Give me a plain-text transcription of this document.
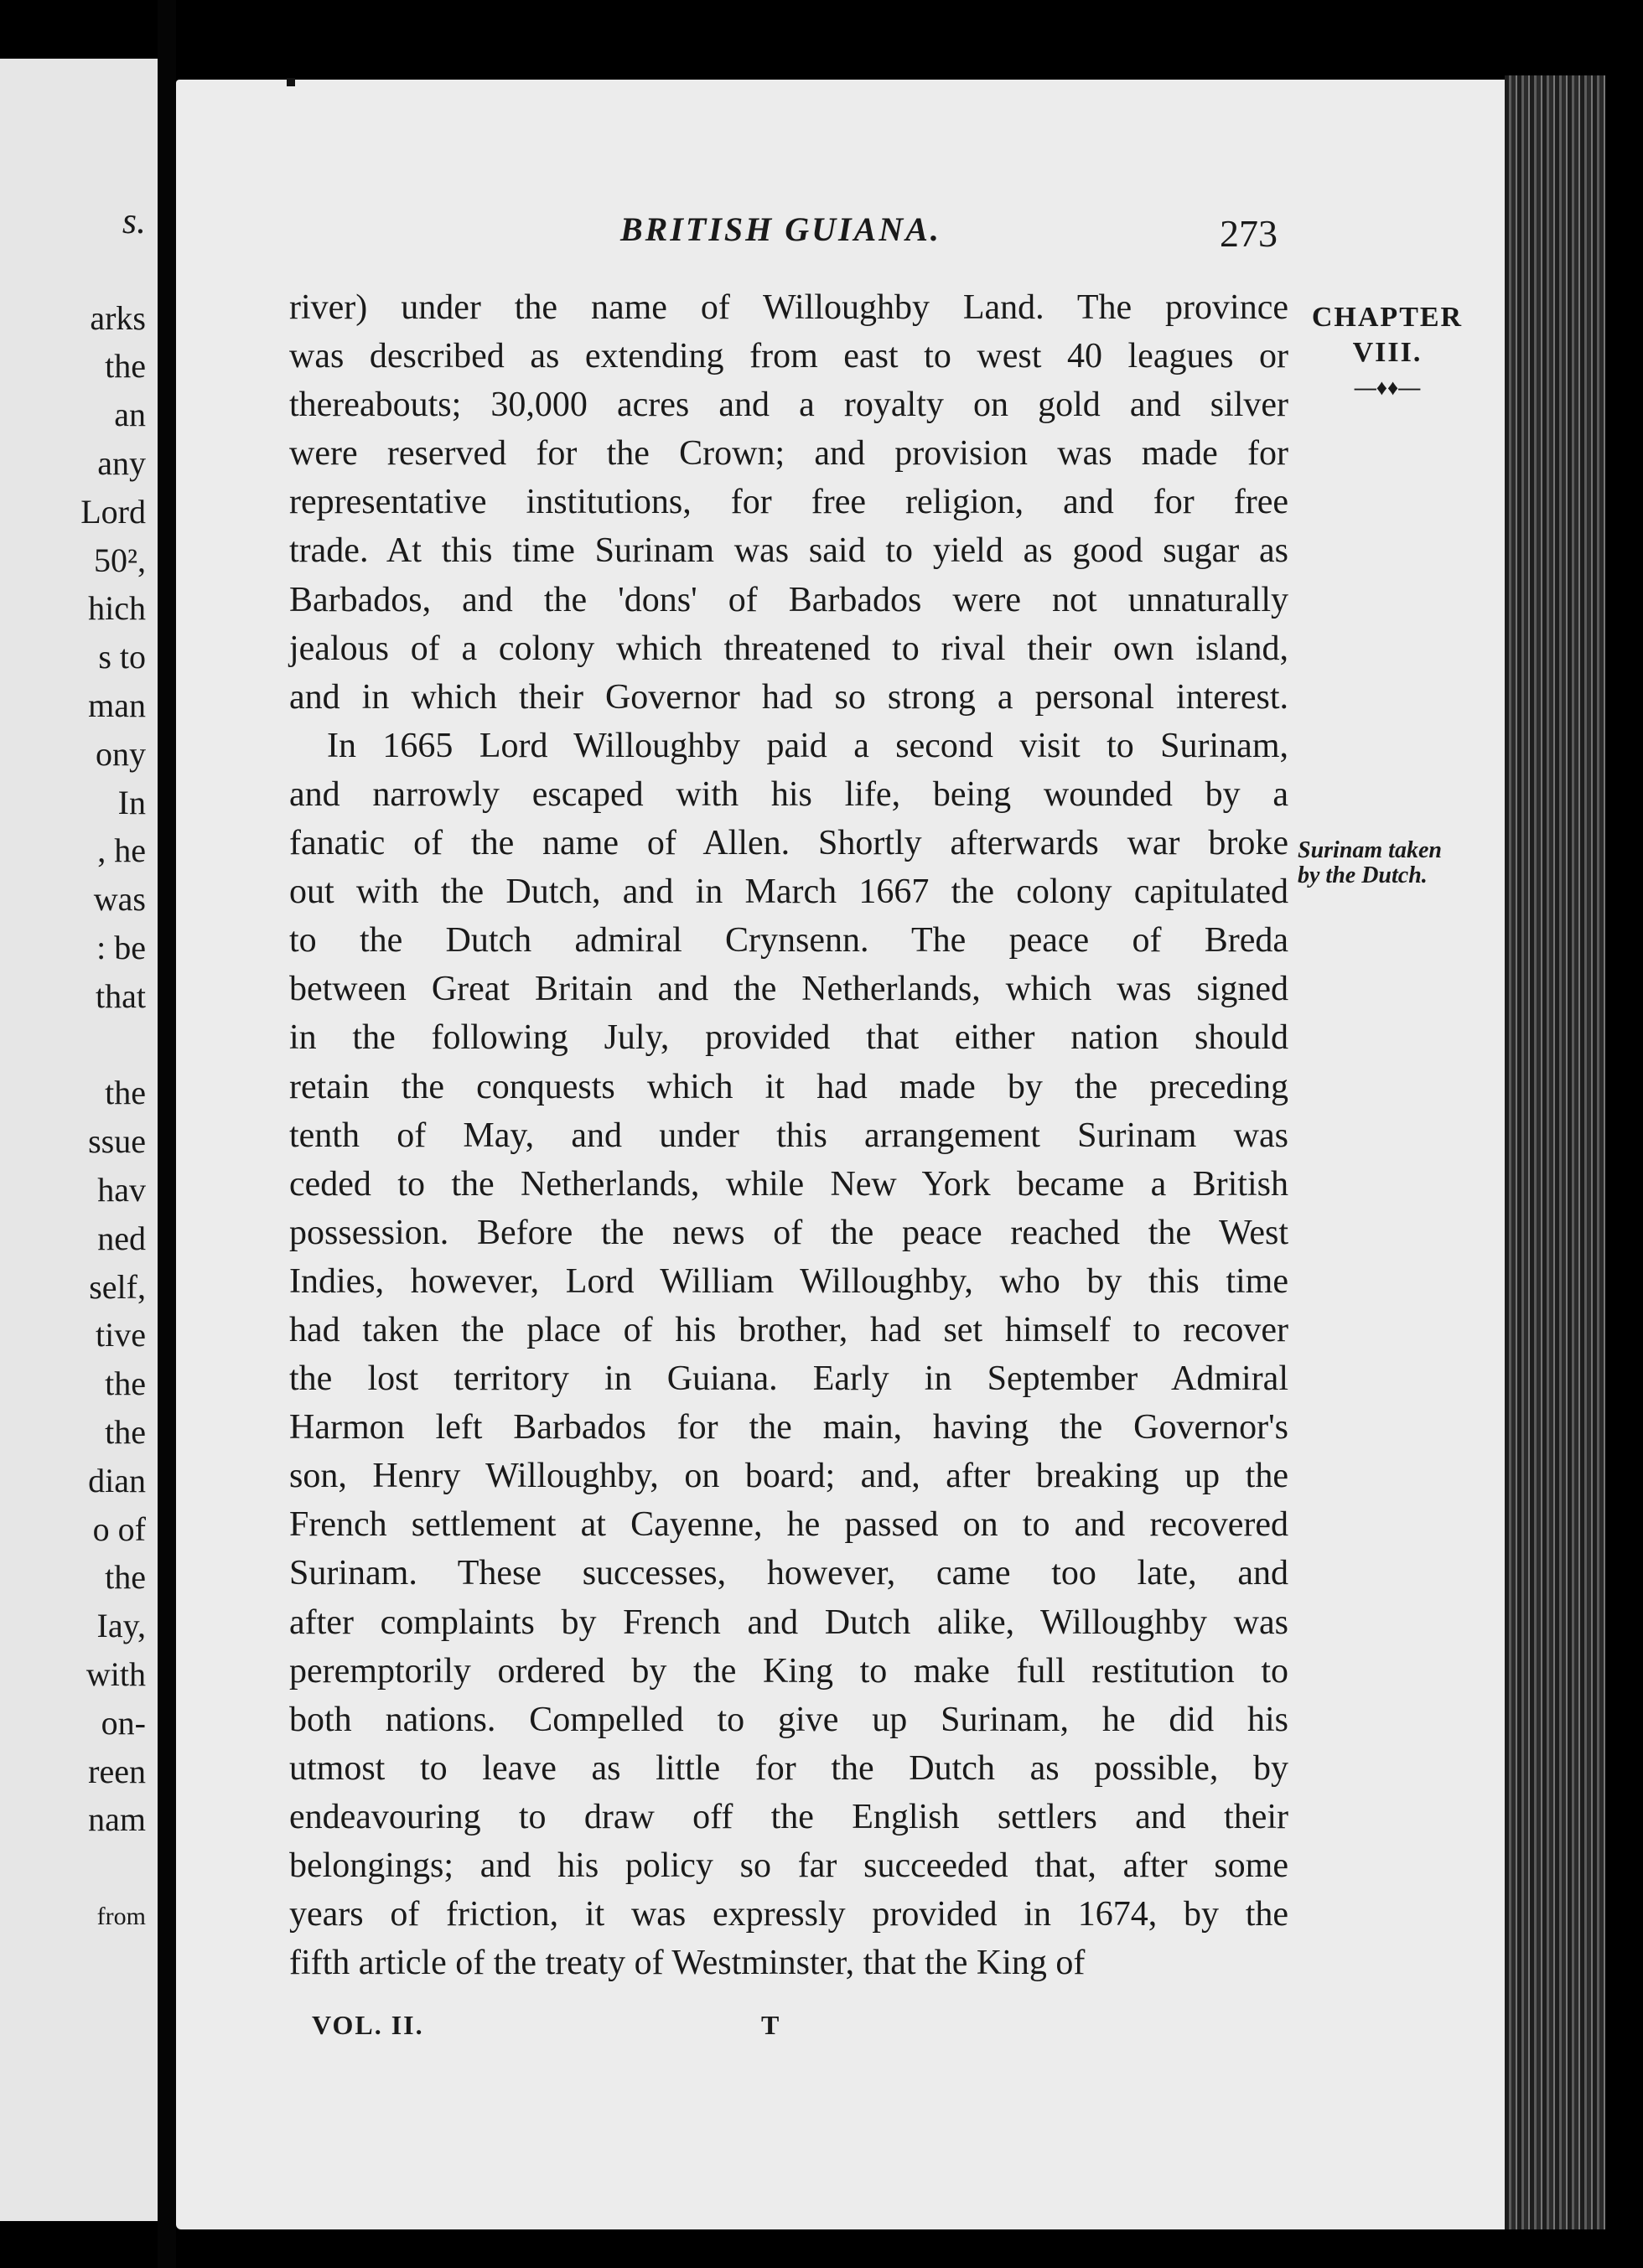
s.
arks
the
an
any
Lord
50²,
hich
s to
man
ony
In
, he
was
: be
that
the
ssue
hav
ned
self,
tive
the
the
dian
o of
the
Iay,
with
on-
reen
nam
from
BRITISH GUIANA.	273
river) under the name of Willoughby Land. The province
was described as extending from east to west 40 leagues or
thereabouts; 30,000 acres and a royalty on gold and silver
were reserved for the Crown; and provision was made for
representative institutions, for free religion, and for free
trade. At this time Surinam was said to yield as good sugar as
Barbados, and the 'dons' of Barbados were not unnaturally
jealous of a colony which threatened to rival their own island,
and in which their Governor had so strong a personal interest.
In 1665 Lord Willoughby paid a second visit to Surinam,
and narrowly escaped with his life, being wounded by a
fanatic of the name of Allen. Shortly afterwards war broke
out with the Dutch, and in March 1667 the colony capitulated
to the Dutch admiral Crynsenn. The peace of Breda
between Great Britain and the Netherlands, which was signed
in the following July, provided that either nation should
retain the conquests which it had made by the preceding
tenth of May, and under this arrangement Surinam was
ceded to the Netherlands, while New York became a British
possession. Before the news of the peace reached the West
Indies, however, Lord William Willoughby, who by this time
had taken the place of his brother, had set himself to recover
the lost territory in Guiana. Early in September Admiral
Harmon left Barbados for the main, having the Governor's
son, Henry Willoughby, on board; and, after breaking up the
French settlement at Cayenne, he passed on to and recovered
Surinam. These successes, however, came too late, and
after complaints by French and Dutch alike, Willoughby was
peremptorily ordered by the King to make full restitution to
both nations. Compelled to give up Surinam, he did his
utmost to leave as little for the Dutch as possible, by
endeavouring to draw off the English settlers and their
belongings; and his policy so far succeeded that, after some
years of friction, it was expressly provided in 1674, by the
fifth article of the treaty of Westminster, that the King of
CHAPTER
VIII.
—♦♦—
Surinam taken by the Dutch.
VOL. II.	T
